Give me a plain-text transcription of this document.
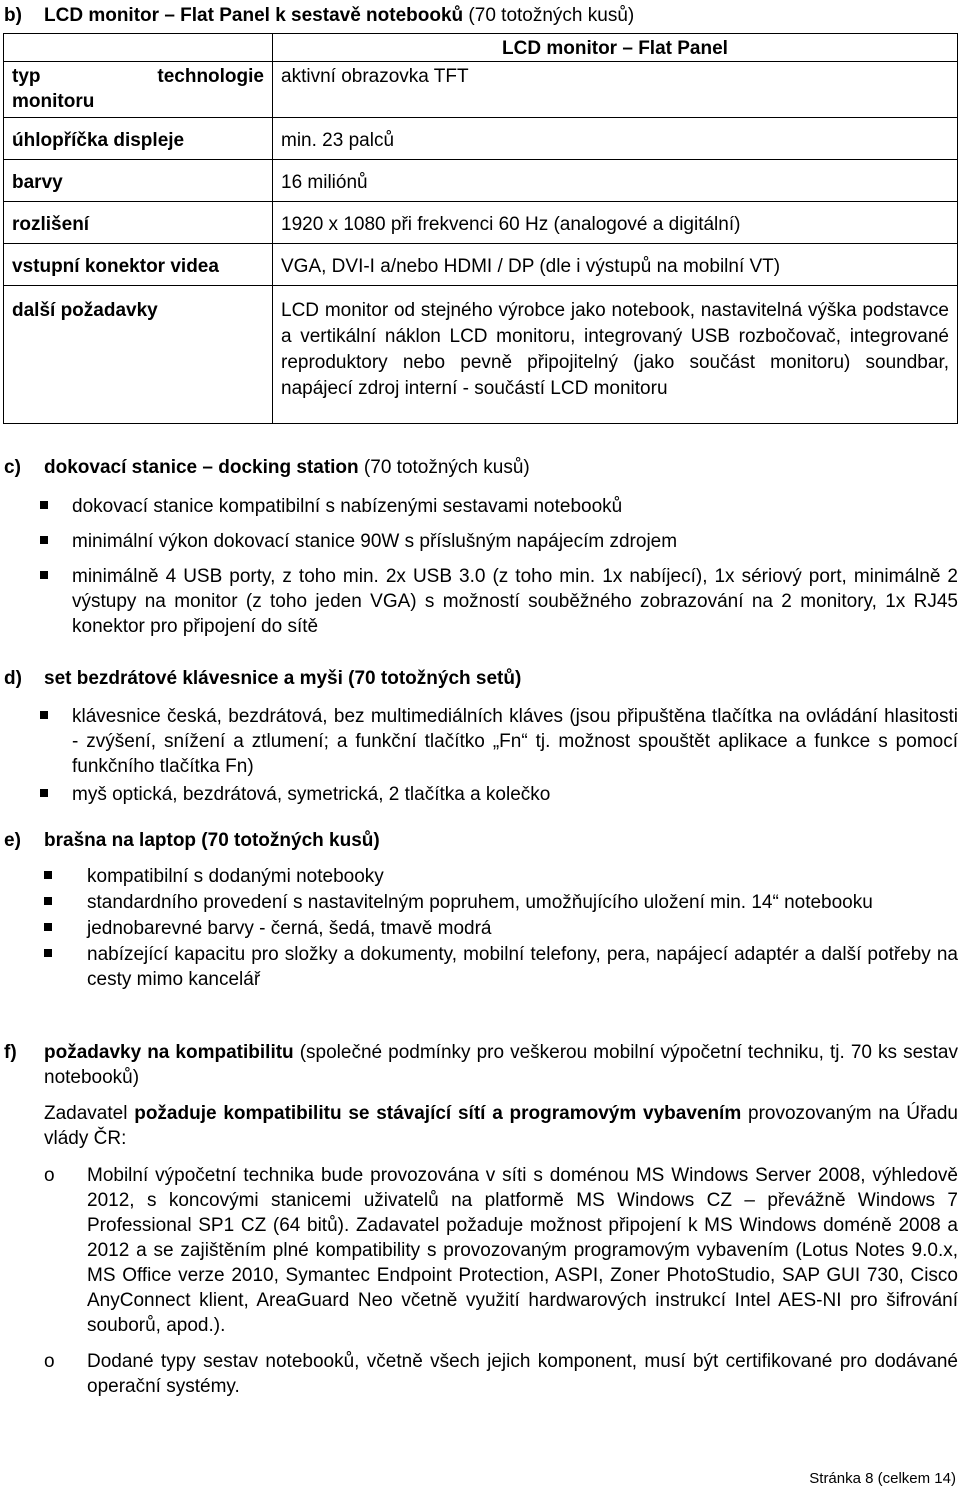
b) LCD monitor – Flat Panel k sestavě notebooků (70 totožných kusů)
	LCD monitor – Flat Panel

typ technologie
monitoru	aktivní obrazovka TFT
úhlopříčka displeje	min. 23 palců
barvy	16 miliónů
rozlišení	1920 x 1080 při frekvenci 60 Hz (analogové a digitální)
vstupní konektor videa	VGA, DVI-I a/nebo HDMI / DP (dle i výstupů na mobilní VT)
další požadavky	LCD monitor od stejného výrobce jako notebook, nastavitelná výška podstavce a vertikální náklon LCD monitoru, integrovaný USB rozbočovač, integrované reproduktory nebo pevně připojitelný (jako součást monitoru) soundbar, napájecí zdroj interní - součástí LCD monitoru
c) dokovací stanice – docking station (70 totožných kusů)
dokovací stanice kompatibilní s nabízenými sestavami notebooků
minimální výkon dokovací stanice 90W s příslušným napájecím zdrojem
minimálně 4 USB porty, z toho min. 2x USB 3.0 (z toho min. 1x nabíjecí), 1x sériový port, minimálně 2 výstupy na monitor (z toho jeden VGA) s možností souběžného zobrazování na 2 monitory, 1x RJ45 konektor pro připojení do sítě
d) set bezdrátové klávesnice a myši (70 totožných setů)
klávesnice česká, bezdrátová, bez multimediálních kláves (jsou připuštěna tlačítka na ovládání hlasitosti - zvýšení, snížení a ztlumení; a funkční tlačítko „Fn“ tj. možnost spouštět aplikace a funkce s pomocí funkčního tlačítka Fn)
myš optická, bezdrátová, symetrická, 2 tlačítka a kolečko
e) brašna na laptop (70 totožných kusů)
kompatibilní s dodanými notebooky
standardního provedení s nastavitelným popruhem, umožňujícího uložení min. 14“ notebooku
jednobarevné barvy - černá, šedá, tmavě modrá
nabízející kapacitu pro složky a dokumenty, mobilní telefony, pera, napájecí adaptér a další potřeby na cesty mimo kancelář
f) požadavky na kompatibilitu (společné podmínky pro veškerou mobilní výpočetní techniku, tj. 70 ks sestav notebooků)
Zadavatel požaduje kompatibilitu se stávající sítí a programovým vybavením provozovaným na Úřadu vlády ČR:
o Mobilní výpočetní technika bude provozována v síti s doménou MS Windows Server 2008, výhledově 2012, s koncovými stanicemi uživatelů na platformě MS Windows CZ – převážně Windows 7 Professional SP1 CZ (64 bitů). Zadavatel požaduje možnost připojení k MS Windows doméně 2008 a 2012 a se zajištěním plné kompatibility s provozovaným programovým vybavením (Lotus Notes 9.0.x, MS Office verze 2010, Symantec Endpoint Protection, ASPI, Zoner PhotoStudio, SAP GUI 730, Cisco AnyConnect klient, AreaGuard Neo včetně využití hardwarových instrukcí Intel AES-NI pro šifrování souborů, apod.).
o Dodané typy sestav notebooků, včetně všech jejich komponent, musí být certifikované pro dodávané operační systémy.
Stránka 8 (celkem 14)
